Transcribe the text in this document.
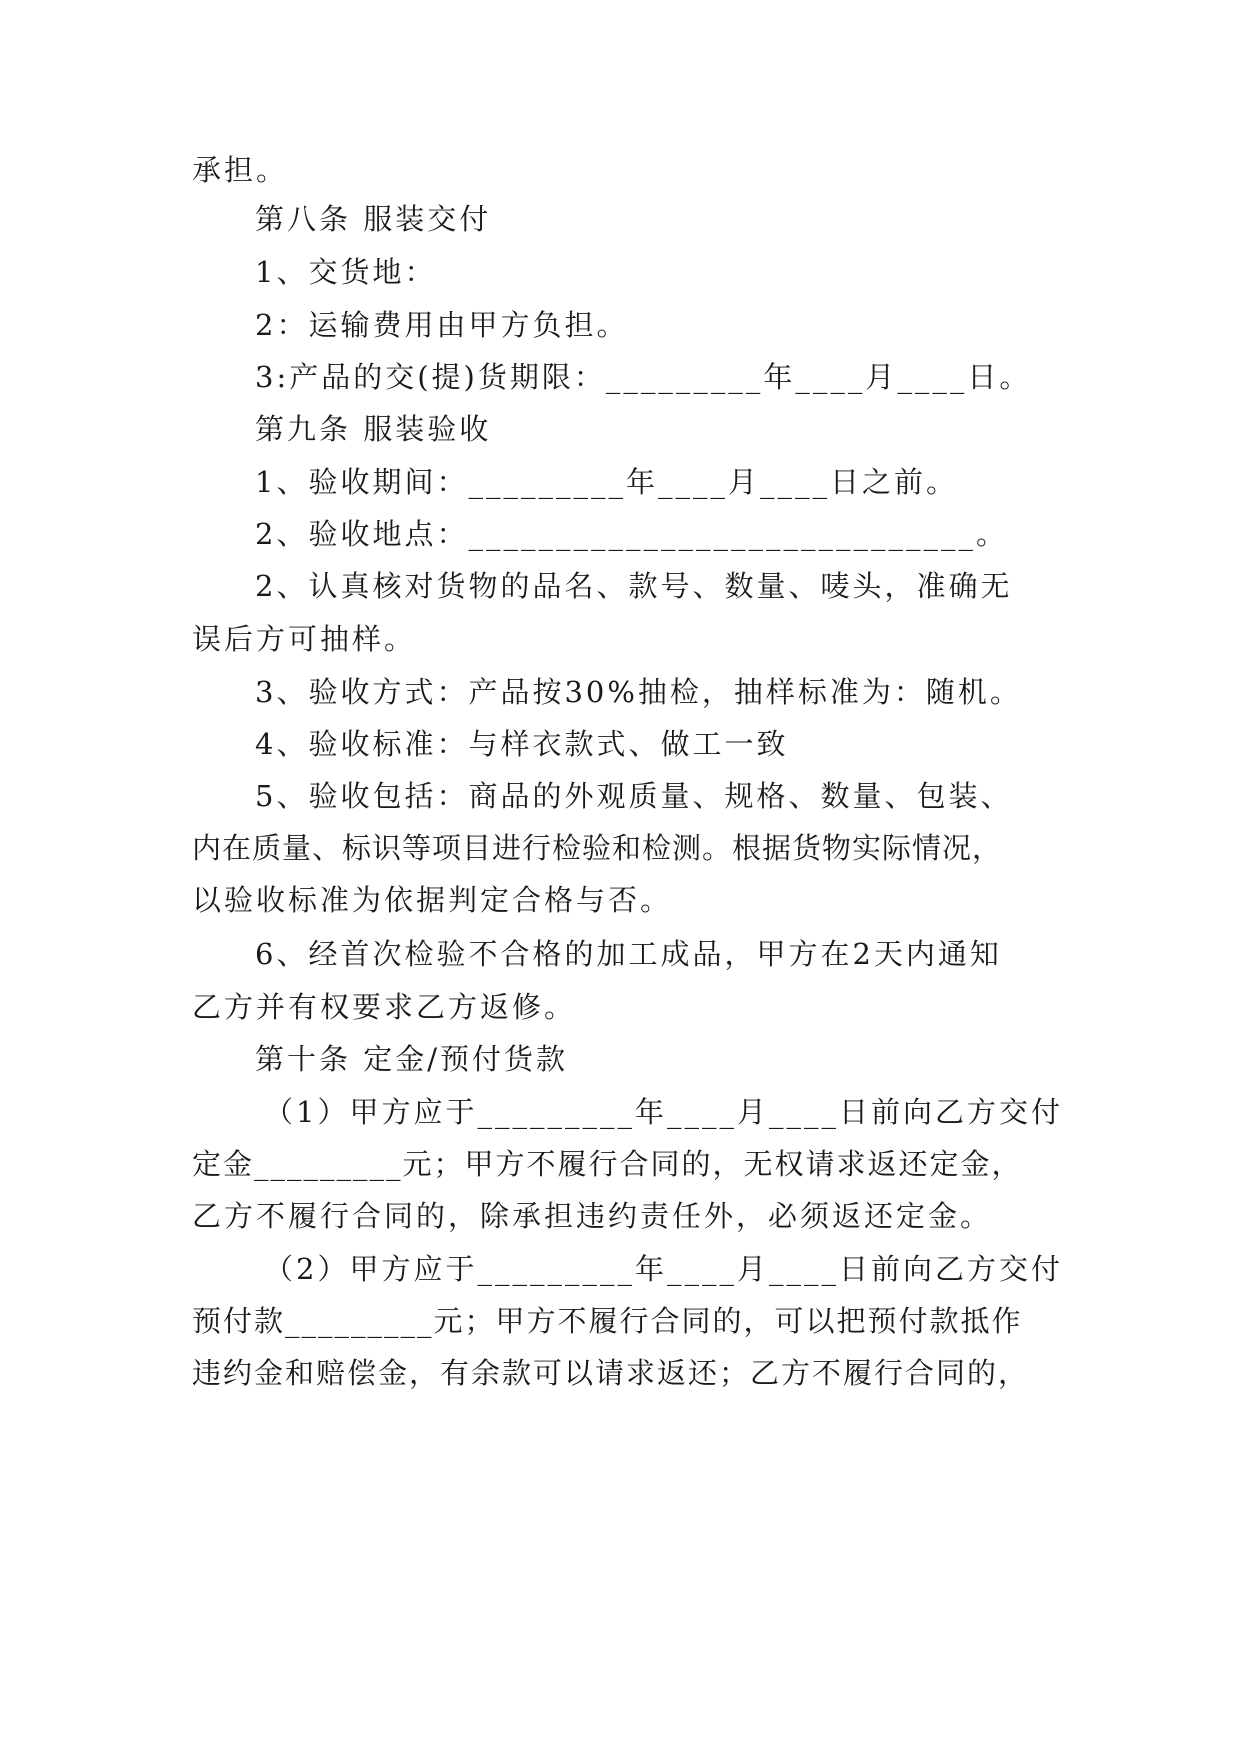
承担。
第八条 服装交付
1、交货地：
2：运输费用由甲方负担。
3:产品的交(提)货期限：_________年____月____日。
第九条 服装验收
1、验收期间：_________年____月____日之前。
2、验收地点：_____________________________。
2、认真核对货物的品名、款号、数量、唛头，准确无
误后方可抽样。
3、验收方式：产品按30%抽检，抽样标准为：随机。
4、验收标准：与样衣款式、做工一致
5、验收包括：商品的外观质量、规格、数量、包装、
内在质量、标识等项目进行检验和检测。根据货物实际情况，
以验收标准为依据判定合格与否。
6、经首次检验不合格的加工成品，甲方在2天内通知
乙方并有权要求乙方返修。
第十条 定金/预付货款
（1）甲方应于_________年____月____日前向乙方交付
定金_________元；甲方不履行合同的，无权请求返还定金，
乙方不履行合同的，除承担违约责任外，必须返还定金。
（2）甲方应于_________年____月____日前向乙方交付
预付款_________元；甲方不履行合同的，可以把预付款抵作
违约金和赔偿金，有余款可以请求返还；乙方不履行合同的，
